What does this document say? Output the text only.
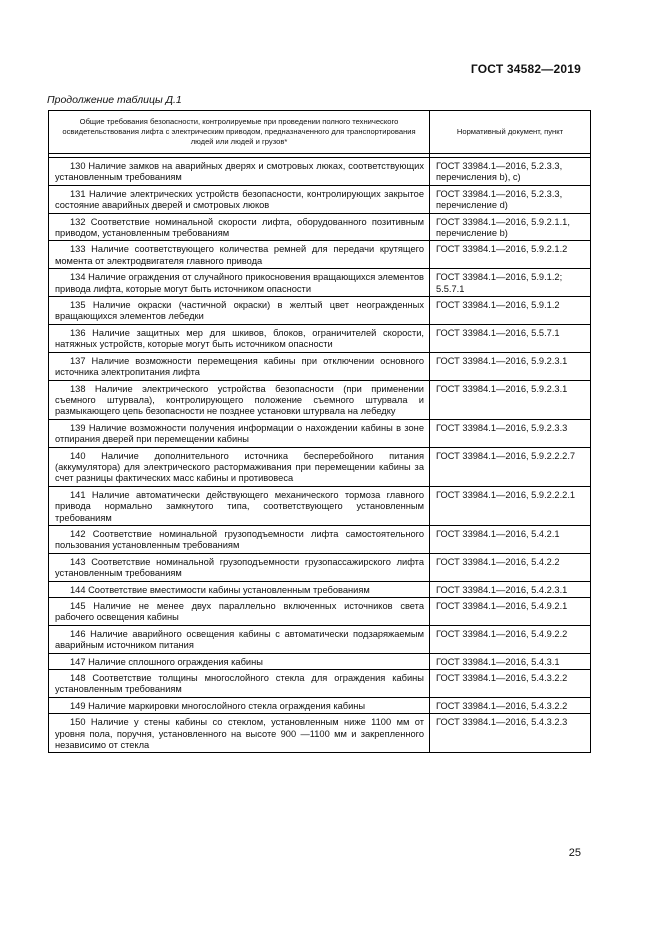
ГОСТ 34582—2019
Продолжение таблицы Д.1
Общие требования безопасности, контролируемые при проведении полного технического освидетельствования лифта с электрическим приводом, предназначенного для транспортирования людей или людей и грузов*	Нормативный документ, пункт

130 Наличие замков на аварийных дверях и смотровых люках, соответствующих установленным требованиям	ГОСТ 33984.1—2016, 5.2.3.3, перечисления b), c)
131 Наличие электрических устройств безопасности, контролирующих закрытое состояние аварийных дверей и смотровых люков	ГОСТ 33984.1—2016, 5.2.3.3, перечисление d)
132 Соответствие номинальной скорости лифта, оборудованного позитивным приводом, установленным требованиям	ГОСТ 33984.1—2016, 5.9.2.1.1, перечисление b)
133 Наличие соответствующего количества ремней для передачи крутящего момента от электродвигателя главного привода	ГОСТ 33984.1—2016, 5.9.2.1.2
134 Наличие ограждения от случайного прикосновения вращающихся элементов привода лифта, которые могут быть источником опасности	ГОСТ 33984.1—2016, 5.9.1.2; 5.5.7.1
135 Наличие окраски (частичной окраски) в желтый цвет неогражденных вращающихся элементов лебедки	ГОСТ 33984.1—2016, 5.9.1.2
136 Наличие защитных мер для шкивов, блоков, ограничителей скорости, натяжных устройств, которые могут быть источником опасности	ГОСТ 33984.1—2016, 5.5.7.1
137 Наличие возможности перемещения кабины при отключении основного источника электропитания лифта	ГОСТ 33984.1—2016, 5.9.2.3.1
138 Наличие электрического устройства безопасности (при применении съемного штурвала), контролирующего положение съемного штурвала и размыкающего цепь безопасности не позднее установки штурвала на лебедку	ГОСТ 33984.1—2016, 5.9.2.3.1
139 Наличие возможности получения информации о нахождении кабины в зоне отпирания дверей при перемещении кабины	ГОСТ 33984.1—2016, 5.9.2.3.3
140 Наличие дополнительного источника бесперебойного питания (аккумулятора) для электрического растормаживания при перемещении кабины за счет разницы фактических масс кабины и противовеса	ГОСТ 33984.1—2016, 5.9.2.2.2.7
141 Наличие автоматически действующего механического тормоза главного привода нормально замкнутого типа, соответствующего установленным требованиям	ГОСТ 33984.1—2016, 5.9.2.2.2.1
142 Соответствие номинальной грузоподъемности лифта самостоятельного пользования установленным требованиям	ГОСТ 33984.1—2016, 5.4.2.1
143 Соответствие номинальной грузоподъемности грузопассажирского лифта установленным требованиям	ГОСТ 33984.1—2016, 5.4.2.2
144 Соответствие вместимости кабины установленным требованиям	ГОСТ 33984.1—2016, 5.4.2.3.1
145 Наличие не менее двух параллельно включенных источников света рабочего освещения кабины	ГОСТ 33984.1—2016, 5.4.9.2.1
146 Наличие аварийного освещения кабины с автоматически подзаряжаемым аварийным источником питания	ГОСТ 33984.1—2016, 5.4.9.2.2
147 Наличие сплошного ограждения кабины	ГОСТ 33984.1—2016, 5.4.3.1
148 Соответствие толщины многослойного стекла для ограждения кабины установленным требованиям	ГОСТ 33984.1—2016, 5.4.3.2.2
149 Наличие маркировки многослойного стекла ограждения кабины	ГОСТ 33984.1—2016, 5.4.3.2.2
150 Наличие у стены кабины со стеклом, установленным ниже 1100 мм от уровня пола, поручня, установленного на высоте 900 —1100 мм и закрепленного независимо от стекла	ГОСТ 33984.1—2016, 5.4.3.2.3
25
